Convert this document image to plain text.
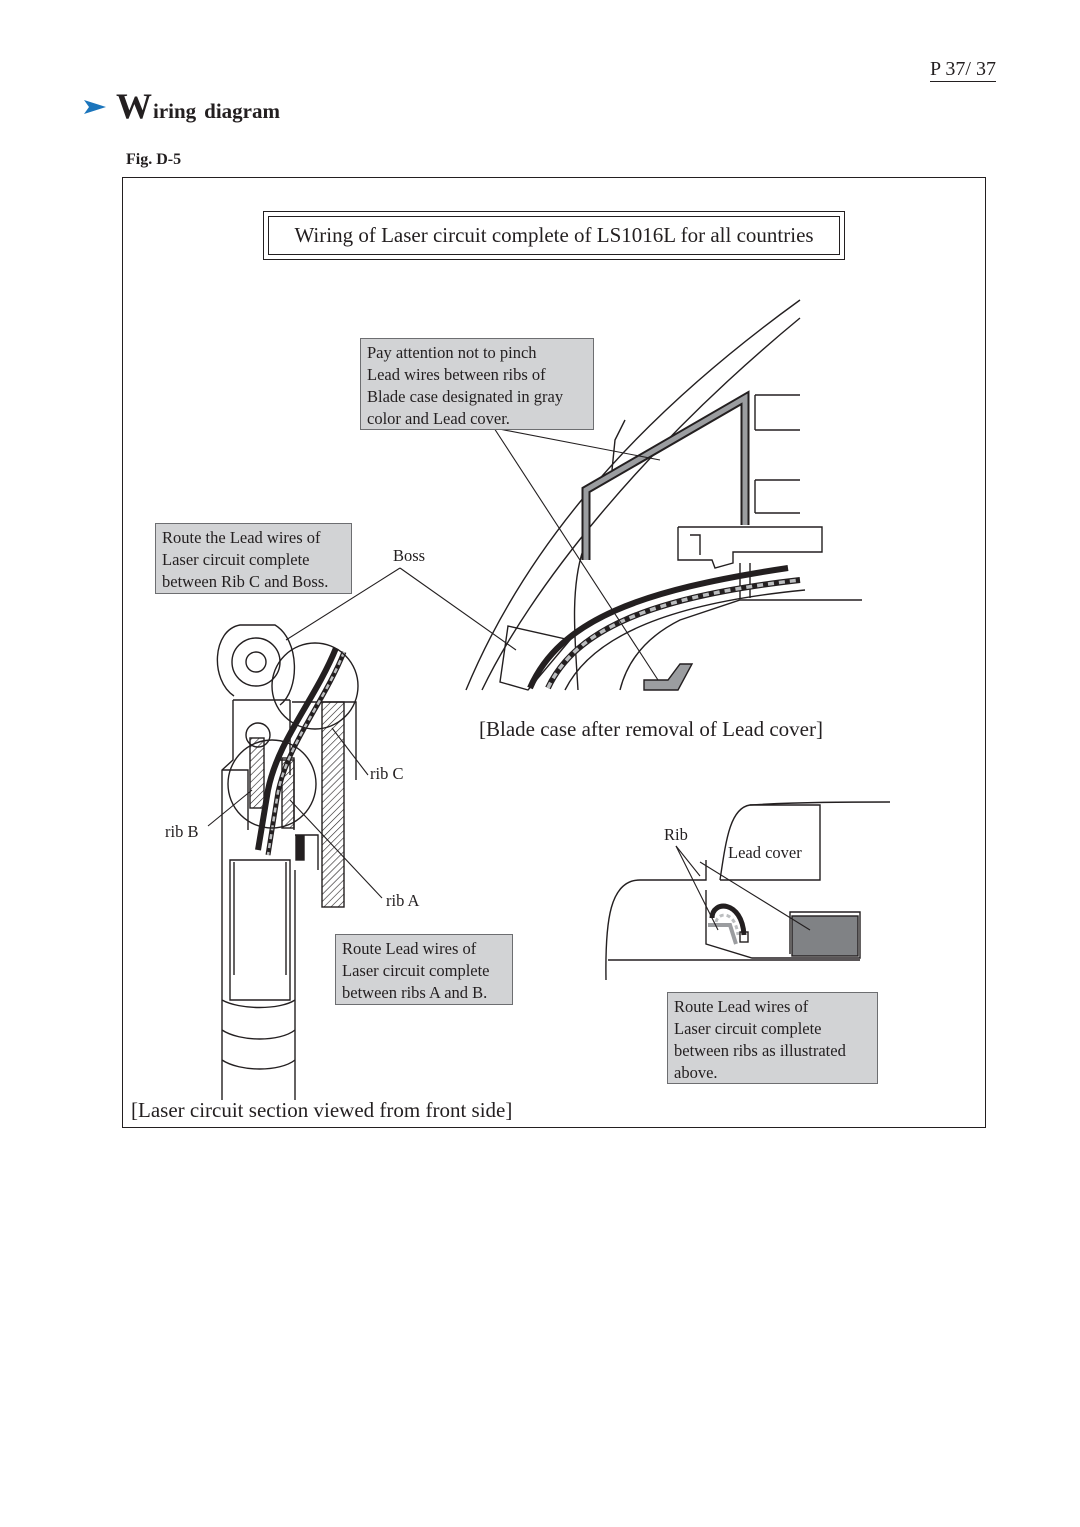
P 37/ 37
W iring diagram
Fig. D-5
Wiring of Laser circuit complete of LS1016L for all countries
Pay attention not to pinch
Lead wires between ribs of
Blade case designated in gray
color and Lead cover.
Route the Lead wires of
Laser circuit complete
between Rib C and Boss.
Route Lead wires of
Laser circuit complete
between ribs A and B.
Route Lead wires of
Laser circuit complete
between ribs as illustrated
above.
Boss
rib C
rib B
rib A
Rib
Lead cover
[Blade case after removal of Lead cover]
[Laser circuit section viewed from front side]
